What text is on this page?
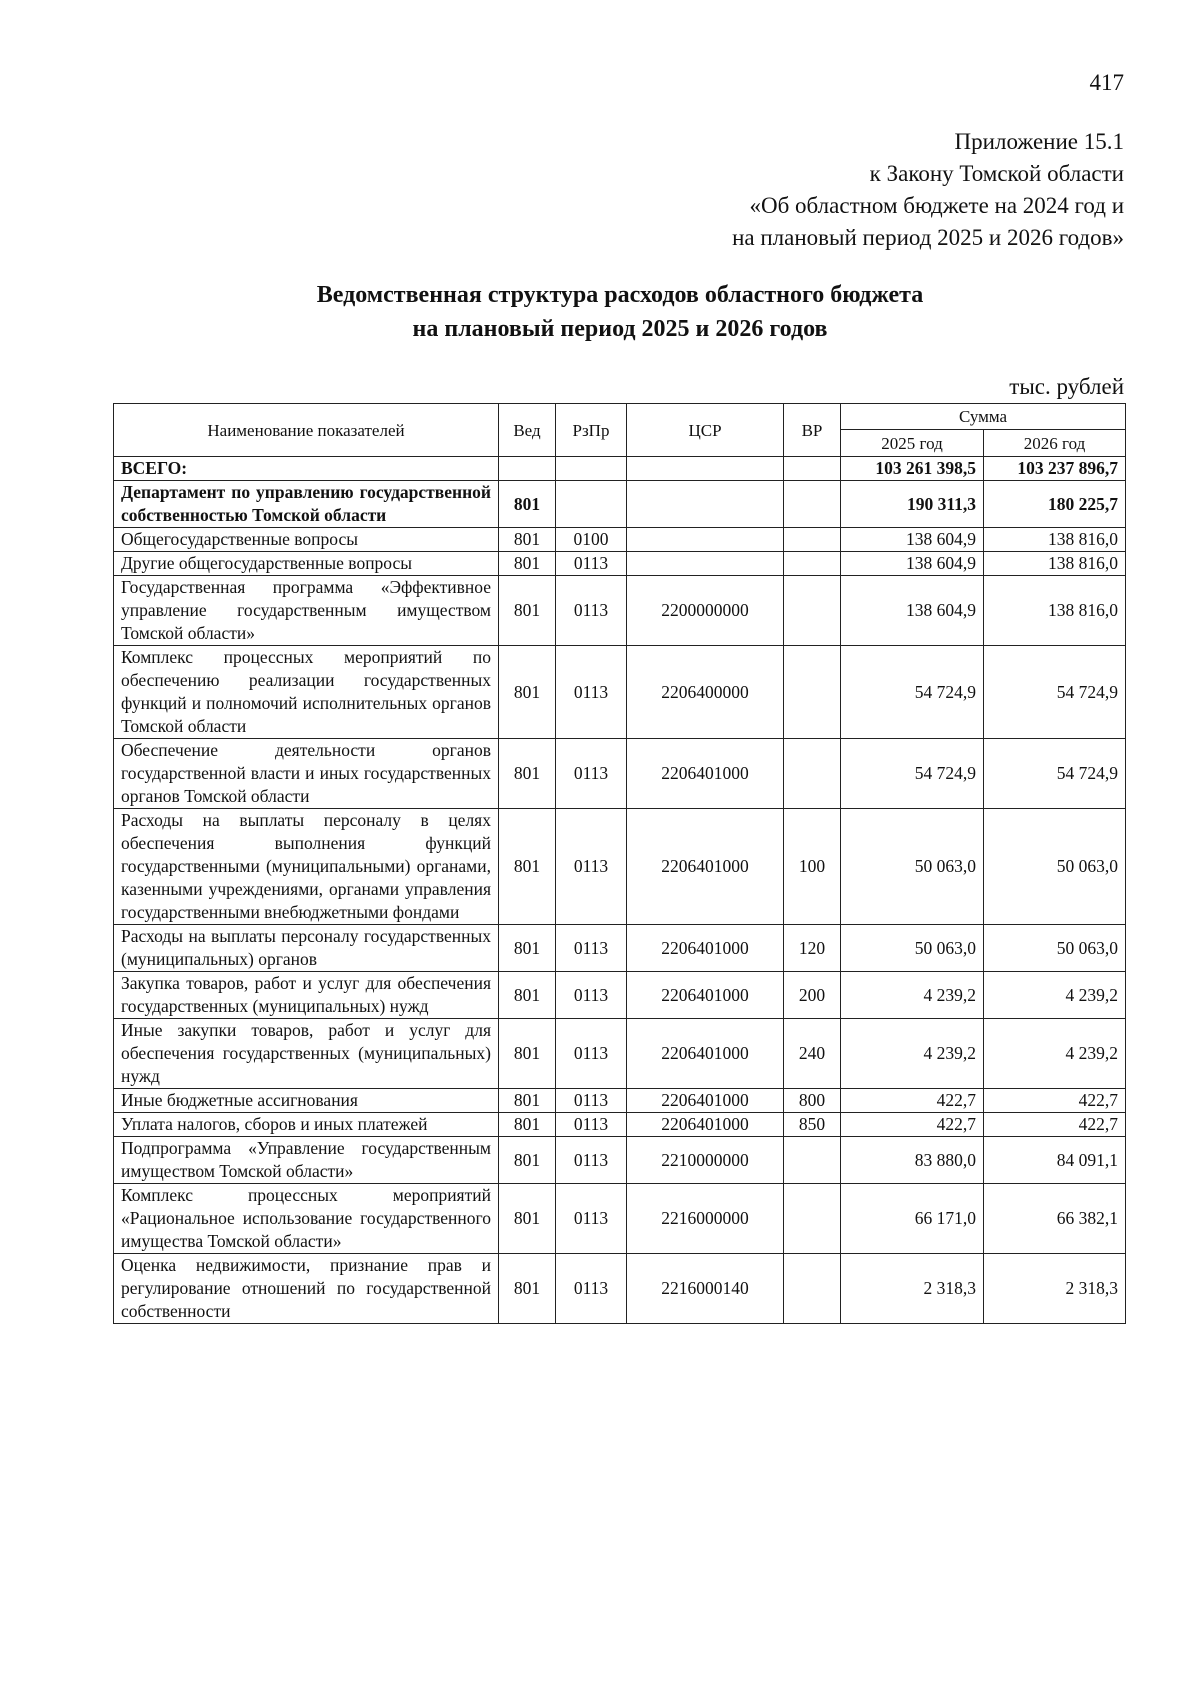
417
Приложение 15.1
к Закону Томской области
«Об областном бюджете на 2024 год и
на плановый период 2025 и 2026 годов»
Ведомственная структура расходов областного бюджета
на плановый период 2025 и 2026 годов
тыс. рублей
Наименование показателей	Вед	РзПр	ЦСР	ВР	Сумма	
					2025 год	2026 год
ВСЕГО:					103 261 398,5	103 237 896,7
Департамент по управлению государственной собственностью Томской области	801				190 311,3	180 225,7
Общегосударственные вопросы	801	0100			138 604,9	138 816,0
Другие общегосударственные вопросы	801	0113			138 604,9	138 816,0
Государственная программа «Эффективное управление государственным имуществом Томской области»	801	0113	2200000000		138 604,9	138 816,0
Комплекс процессных мероприятий по обеспечению реализации государственных функций и полномочий исполнительных органов Томской области	801	0113	2206400000		54 724,9	54 724,9
Обеспечение деятельности органов государственной власти и иных государственных органов Томской области	801	0113	2206401000		54 724,9	54 724,9
Расходы на выплаты персоналу в целях обеспечения выполнения функций государственными (муниципальными) органами, казенными учреждениями, органами управления государственными внебюджетными фондами	801	0113	2206401000	100	50 063,0	50 063,0
Расходы на выплаты персоналу государственных (муниципальных) органов	801	0113	2206401000	120	50 063,0	50 063,0
Закупка товаров, работ и услуг для обеспечения государственных (муниципальных) нужд	801	0113	2206401000	200	4 239,2	4 239,2
Иные закупки товаров, работ и услуг для обеспечения государственных (муниципальных) нужд	801	0113	2206401000	240	4 239,2	4 239,2
Иные бюджетные ассигнования	801	0113	2206401000	800	422,7	422,7
Уплата налогов, сборов и иных платежей	801	0113	2206401000	850	422,7	422,7
Подпрограмма «Управление государственным имуществом Томской области»	801	0113	2210000000		83 880,0	84 091,1
Комплекс процессных мероприятий «Рациональное использование государственного имущества Томской области»	801	0113	2216000000		66 171,0	66 382,1
Оценка недвижимости, признание прав и регулирование отношений по государственной собственности	801	0113	2216000140		2 318,3	2 318,3
